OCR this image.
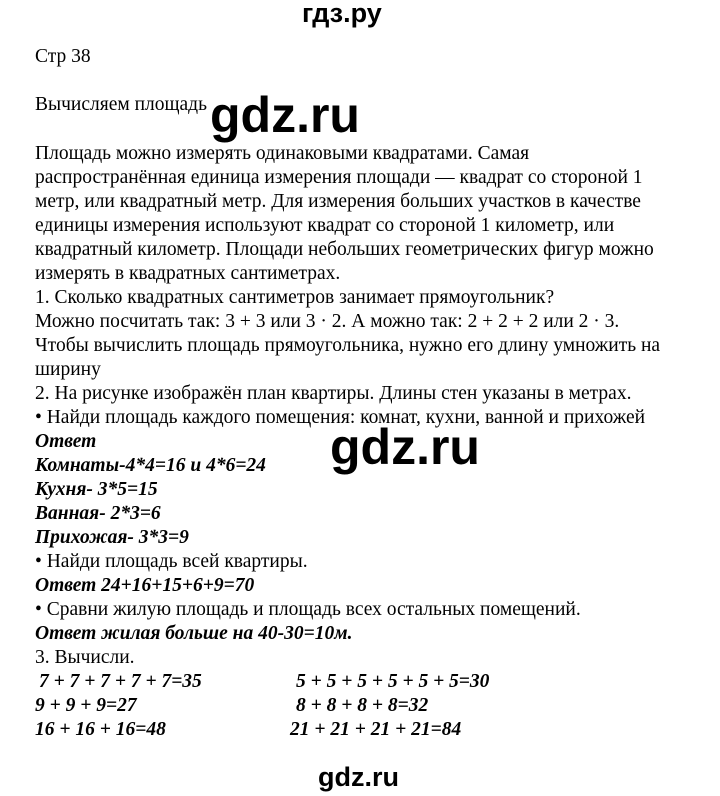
гдз.ру
Стр 38
Вычисляем площадь gdz.ru
Площадь можно измерять одинаковыми квадратами. Самая
распространённая единица измерения площади — квадрат со стороной 1
метр, или квадратный метр. Для измерения больших участков в качестве
единицы измерения используют квадрат со стороной 1 километр, или
квадратный километр. Площади небольших геометрических фигур можно
измерять в квадратных сантиметрах.
1. Сколько квадратных сантиметров занимает прямоугольник?
Можно посчитать так: 3 + 3 или 3 · 2. А можно так: 2 + 2 + 2 или 2 · 3.
Чтобы вычислить площадь прямоугольника, нужно его длину умножить на
ширину
2. На рисунке изображён план квартиры. Длины стен указаны в метрах.
• Найди площадь каждого помещения: комнат, кухни, ванной и прихожей
Ответ
Комнаты-4*4=16 и 4*6=24
Кухня- 3*5=15
Ванная- 2*3=6
Прихожая- 3*3=9
gdz.ru
• Найди площадь всей квартиры.
Ответ 24+16+15+6+9=70
• Сравни жилую площадь и площадь всех остальных помещений.
Ответ жилая больше на 40-30=10м.
3. Вычисли.
7 + 7 + 7 + 7 + 7=35
9 + 9 + 9=27
16 + 16 + 16=48
5 + 5 + 5 + 5 + 5 + 5=30
8 + 8 + 8 + 8=32
21 + 21 + 21 + 21=84
gdz.ru
